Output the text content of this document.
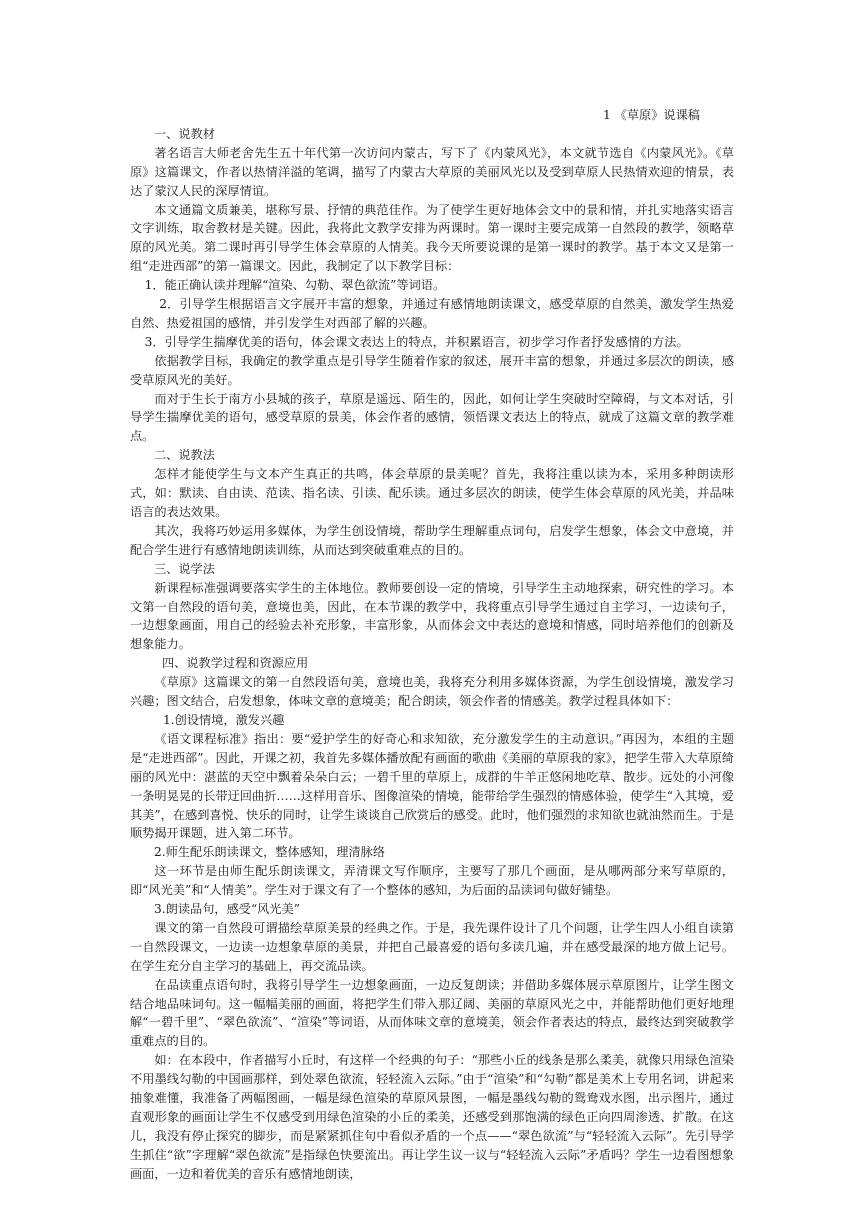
1 《草原》说课稿

一、说教材

著名语言大师老舍先生五十年代第一次访问内蒙古，写下了《内蒙风光》，本文就节选自《内蒙风光》。《草原》这篇课文，作者以热情洋溢的笔调，描写了内蒙古大草原的美丽风光以及受到草原人民热情欢迎的情景，表达了蒙汉人民的深厚情谊。

本文通篇文质兼美，堪称写景、抒情的典范佳作。为了使学生更好地体会文中的景和情，并扎实地落实语言文字训练，取舍教材是关键。因此，我将此文教学安排为两课时。第一课时主要完成第一自然段的教学，领略草原的风光美。第二课时再引导学生体会草原的人情美。我今天所要说课的是第一课时的教学。基于本文又是第一组“走进西部”的第一篇课文。因此，我制定了以下教学目标：

1．能正确认读并理解“渲染、勾勒、翠色欲流”等词语。

2．引导学生根据语言文字展开丰富的想象，并通过有感情地朗读课文，感受草原的自然美，激发学生热爱自然、热爱祖国的感情，并引发学生对西部了解的兴趣。

3．引导学生揣摩优美的语句，体会课文表达上的特点，并积累语言，初步学习作者抒发感情的方法。

依据教学目标，我确定的教学重点是引导学生随着作家的叙述，展开丰富的想象，并通过多层次的朗读，感受草原风光的美好。

而对于生长于南方小县城的孩子，草原是遥远、陌生的，因此，如何让学生突破时空障碍，与文本对话，引导学生揣摩优美的语句，感受草原的景美，体会作者的感情，领悟课文表达上的特点，就成了这篇文章的教学难点。

二、说教法

怎样才能使学生与文本产生真正的共鸣，体会草原的景美呢？首先，我将注重以读为本，采用多种朗读形式，如：默读、自由读、范读、指名读、引读、配乐读。通过多层次的朗读，使学生体会草原的风光美，并品味语言的表达效果。

其次，我将巧妙运用多媒体，为学生创设情境，帮助学生理解重点词句，启发学生想象，体会文中意境，并配合学生进行有感情地朗读训练，从而达到突破重难点的目的。

三、说学法

新课程标准强调要落实学生的主体地位。教师要创设一定的情境，引导学生主动地探索，研究性的学习。本文第一自然段的语句美，意境也美，因此，在本节课的教学中，我将重点引导学生通过自主学习，一边读句子，一边想象画面，用自己的经验去补充形象，丰富形象，从而体会文中表达的意境和情感，同时培养他们的创新及想象能力。

四、说教学过程和资源应用

《草原》这篇课文的第一自然段语句美，意境也美，我将充分利用多媒体资源，为学生创设情境，激发学习兴趣；图文结合，启发想象，体味文章的意境美；配合朗读，领会作者的情感美。教学过程具体如下：

1.创设情境，激发兴趣

《语文课程标准》指出：要“爱护学生的好奇心和求知欲，充分激发学生的主动意识。”再因为，本组的主题是“走进西部”。因此，开课之初，我首先多媒体播放配有画面的歌曲《美丽的草原我的家》，把学生带入大草原绮丽的风光中：湛蓝的天空中飘着朵朵白云；一碧千里的草原上，成群的牛羊正悠闲地吃草、散步。远处的小河像一条明晃晃的长带迂回曲折……这样用音乐、图像渲染的情境，能带给学生强烈的情感体验，使学生“入其境，爱其美”，在感到喜悦、快乐的同时，让学生谈谈自己欣赏后的感受。此时，他们强烈的求知欲也就油然而生。于是顺势揭开课题，进入第二环节。

2.师生配乐朗读课文，整体感知，理清脉络

这一环节是由师生配乐朗读课文，弄清课文写作顺序，主要写了那几个画面，是从哪两部分来写草原的，即“风光美”和“人情美”。学生对于课文有了一个整体的感知，为后面的品读词句做好铺垫。

3.朗读品句，感受“风光美”

课文的第一自然段可谓描绘草原美景的经典之作。于是，我先课件设计了几个问题，让学生四人小组自读第一自然段课文，一边读一边想象草原的美景，并把自己最喜爱的语句多读几遍，并在感受最深的地方做上记号。在学生充分自主学习的基础上，再交流品读。

在品读重点语句时，我将引导学生一边想象画面，一边反复朗读；并借助多媒体展示草原图片，让学生图文结合地品味词句。这一幅幅美丽的画面，将把学生们带入那辽阔、美丽的草原风光之中，并能帮助他们更好地理解“一碧千里”、“翠色欲流”、“渲染”等词语，从而体味文章的意境美，领会作者表达的特点，最终达到突破教学重难点的目的。

如：在本段中，作者描写小丘时，有这样一个经典的句子：“那些小丘的线条是那么柔美，就像只用绿色渲染不用墨线勾勒的中国画那样，到处翠色欲流，轻轻流入云际。”由于“渲染”和“勾勒”都是美术上专用名词，讲起来抽象难懂，我准备了两幅图画，一幅是绿色渲染的草原风景图，一幅是墨线勾勒的鸳鸯戏水图，出示图片，通过直观形象的画面让学生不仅感受到用绿色渲染的小丘的柔美，还感受到那饱满的绿色正向四周渗透、扩散。在这儿，我没有停止探究的脚步，而是紧紧抓住句中看似矛盾的一个点——“翠色欲流”与“轻轻流入云际”。先引导学生抓住“欲”字理解“翠色欲流”是指绿色快要流出。再让学生议一议与“轻轻流入云际”矛盾吗？学生一边看图想象画面，一边和着优美的音乐有感情地朗读，
